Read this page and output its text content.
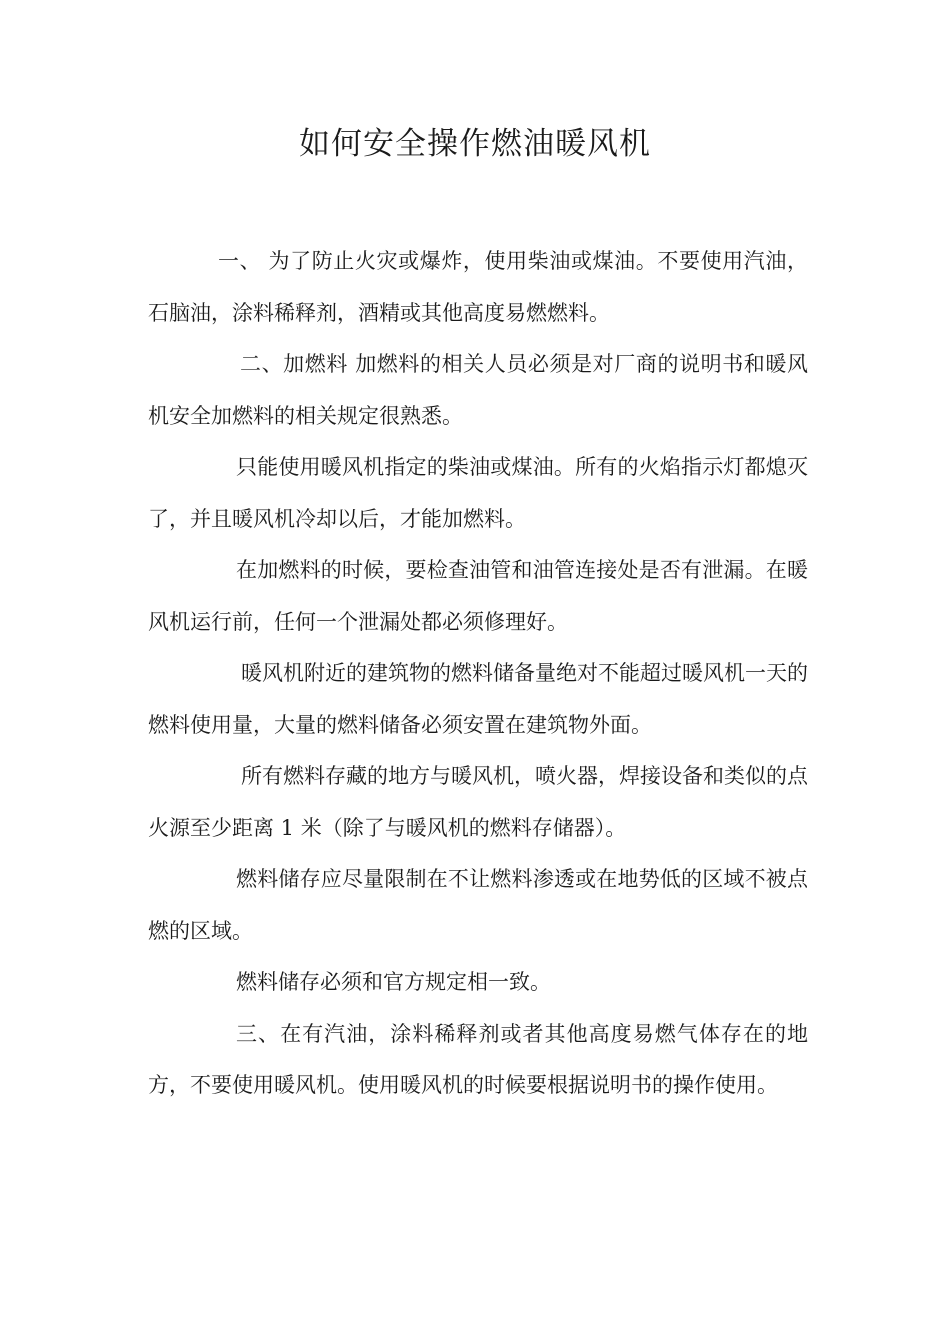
如何安全操作燃油暖风机

一、 为了防止火灾或爆炸，使用柴油或煤油。不要使用汽油，石脑油，涂料稀释剂，酒精或其他高度易燃燃料。

二、加燃料 加燃料的相关人员必须是对厂商的说明书和暖风机安全加燃料的相关规定很熟悉。

只能使用暖风机指定的柴油或煤油。所有的火焰指示灯都熄灭了，并且暖风机冷却以后，才能加燃料。

在加燃料的时候，要检查油管和油管连接处是否有泄漏。在暖风机运行前，任何一个泄漏处都必须修理好。

暖风机附近的建筑物的燃料储备量绝对不能超过暖风机一天的燃料使用量，大量的燃料储备必须安置在建筑物外面。

所有燃料存藏的地方与暖风机，喷火器，焊接设备和类似的点火源至少距离 1 米（除了与暖风机的燃料存储器）。

燃料储存应尽量限制在不让燃料渗透或在地势低的区域不被点燃的区域。

燃料储存必须和官方规定相一致。

三、在有汽油，涂料稀释剂或者其他高度易燃气体存在的地方，不要使用暖风机。使用暖风机的时候要根据说明书的操作使用。
